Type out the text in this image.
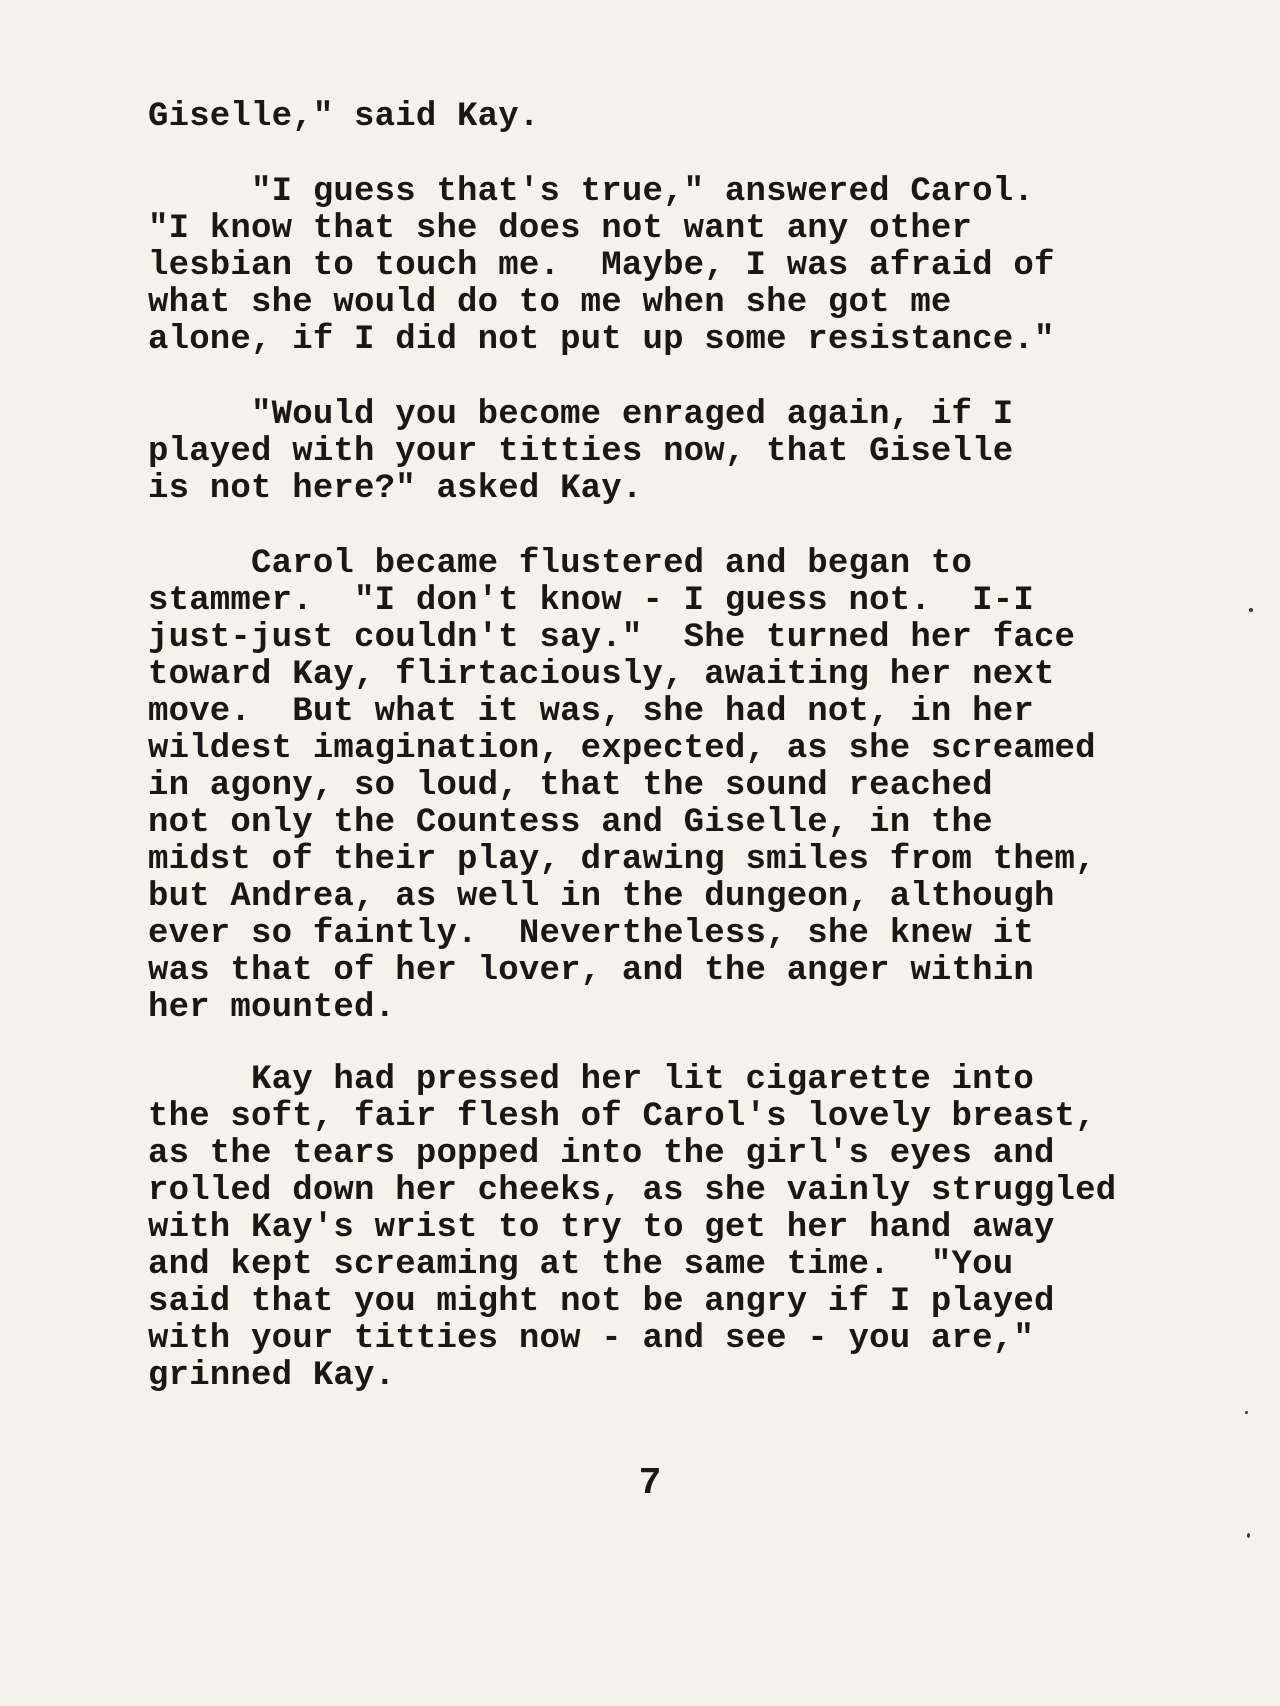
Giselle," said Kay.
"I guess that's true," answered Carol.
"I know that she does not want any other
lesbian to touch me.  Maybe, I was afraid of
what she would do to me when she got me
alone, if I did not put up some resistance."
"Would you become enraged again, if I
played with your titties now, that Giselle
is not here?" asked Kay.
Carol became flustered and began to
stammer.  "I don't know - I guess not.  I-I
just-just couldn't say."  She turned her face
toward Kay, flirtaciously, awaiting her next
move.  But what it was, she had not, in her
wildest imagination, expected, as she screamed
in agony, so loud, that the sound reached
not only the Countess and Giselle, in the
midst of their play, drawing smiles from them,
but Andrea, as well in the dungeon, although
ever so faintly.  Nevertheless, she knew it
was that of her lover, and the anger within
her mounted.
Kay had pressed her lit cigarette into
the soft, fair flesh of Carol's lovely breast,
as the tears popped into the girl's eyes and
rolled down her cheeks, as she vainly struggled
with Kay's wrist to try to get her hand away
and kept screaming at the same time.  "You
said that you might not be angry if I played
with your titties now - and see - you are,"
grinned Kay.
7
